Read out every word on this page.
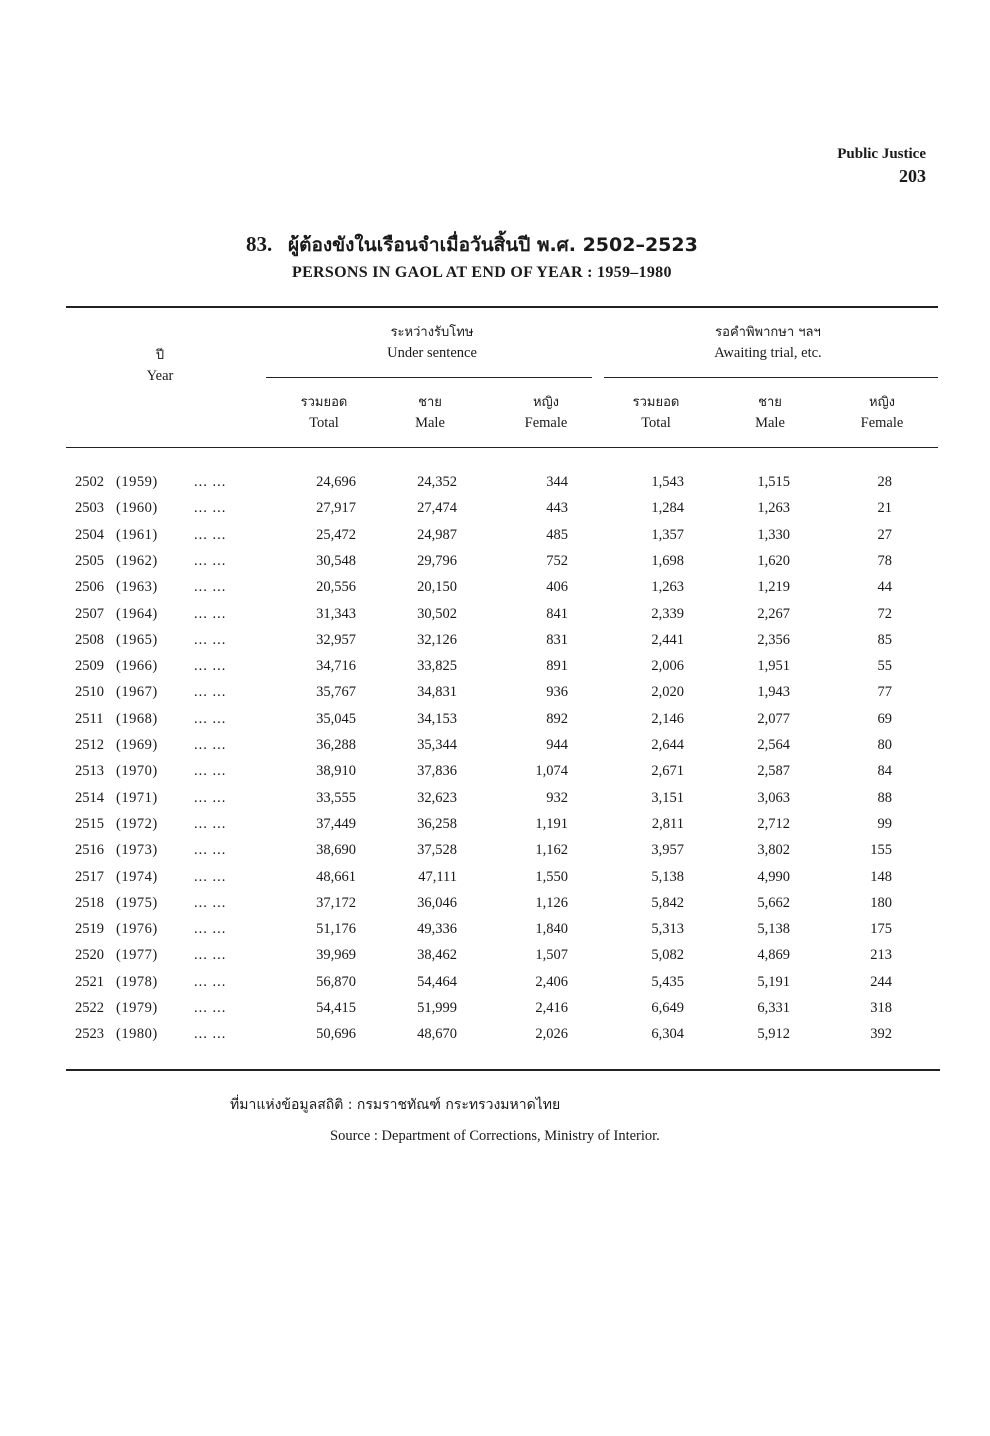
Public Justice
203
83. ผู้ต้องขังในเรือนจำเมื่อวันสิ้นปี พ.ศ. 2502–2523
PERSONS IN GAOL AT END OF YEAR : 1959–1980
ปี
Year
ระหว่างรับโทษ
Under sentence
รอคำพิพากษา ฯลฯ
Awaiting trial, etc.
รวมยอด
Total
ชาย
Male
หญิง
Female
รวมยอด
Total
ชาย
Male
หญิง
Female
2502 (1959)	... ...	24,696	24,352	344	1,543	1,515	28
2503 (1960)	... ...	27,917	27,474	443	1,284	1,263	21
2504 (1961)	... ...	25,472	24,987	485	1,357	1,330	27
2505 (1962)	... ...	30,548	29,796	752	1,698	1,620	78
2506 (1963)	... ...	20,556	20,150	406	1,263	1,219	44
2507 (1964)	... ...	31,343	30,502	841	2,339	2,267	72
2508 (1965)	... ...	32,957	32,126	831	2,441	2,356	85
2509 (1966)	... ...	34,716	33,825	891	2,006	1,951	55
2510 (1967)	... ...	35,767	34,831	936	2,020	1,943	77
2511 (1968)	... ...	35,045	34,153	892	2,146	2,077	69
2512 (1969)	... ...	36,288	35,344	944	2,644	2,564	80
2513 (1970)	... ...	38,910	37,836	1,074	2,671	2,587	84
2514 (1971)	... ...	33,555	32,623	932	3,151	3,063	88
2515 (1972)	... ...	37,449	36,258	1,191	2,811	2,712	99
2516 (1973)	... ...	38,690	37,528	1,162	3,957	3,802	155
2517 (1974)	... ...	48,661	47,111	1,550	5,138	4,990	148
2518 (1975)	... ...	37,172	36,046	1,126	5,842	5,662	180
2519 (1976)	... ...	51,176	49,336	1,840	5,313	5,138	175
2520 (1977)	... ...	39,969	38,462	1,507	5,082	4,869	213
2521 (1978)	... ...	56,870	54,464	2,406	5,435	5,191	244
2522 (1979)	... ...	54,415	51,999	2,416	6,649	6,331	318
2523 (1980)	... ...	50,696	48,670	2,026	6,304	5,912	392
ที่มาแห่งข้อมูลสถิติ : กรมราชทัณฑ์ กระทรวงมหาดไทย
Source : Department of Corrections, Ministry of Interior.
